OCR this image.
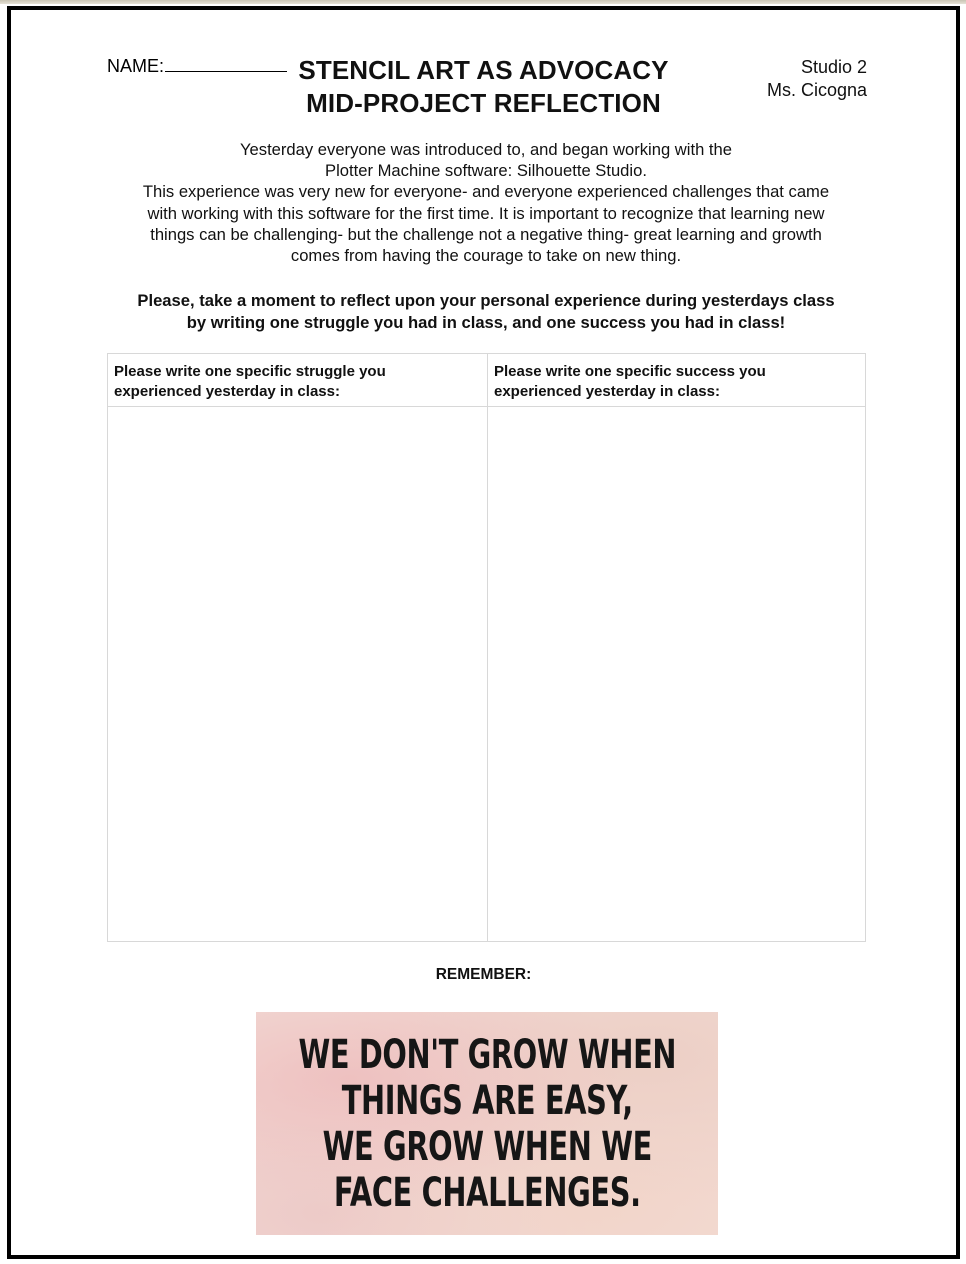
NAME:	STENCIL ART AS ADVOCACY
MID-PROJECT REFLECTION
Studio 2
Ms. Cicogna
Yesterday everyone was introduced to, and began working with the
Plotter Machine software: Silhouette Studio.
This experience was very new for everyone- and everyone experienced challenges that came
with working with this software for the first time. It is important to recognize that learning new
things can be challenging- but the challenge not a negative thing- great learning and growth
comes from having the courage to take on new thing.
Please, take a moment to reflect upon your personal experience during yesterdays class
by writing one struggle you had in class, and one success you had in class!
Please write one specific struggle you
experienced yesterday in class:
Please write one specific success you
experienced yesterday in class:
REMEMBER:
WE DON'T GROW WHEN
THINGS ARE EASY,
WE GROW WHEN WE
FACE CHALLENGES.
